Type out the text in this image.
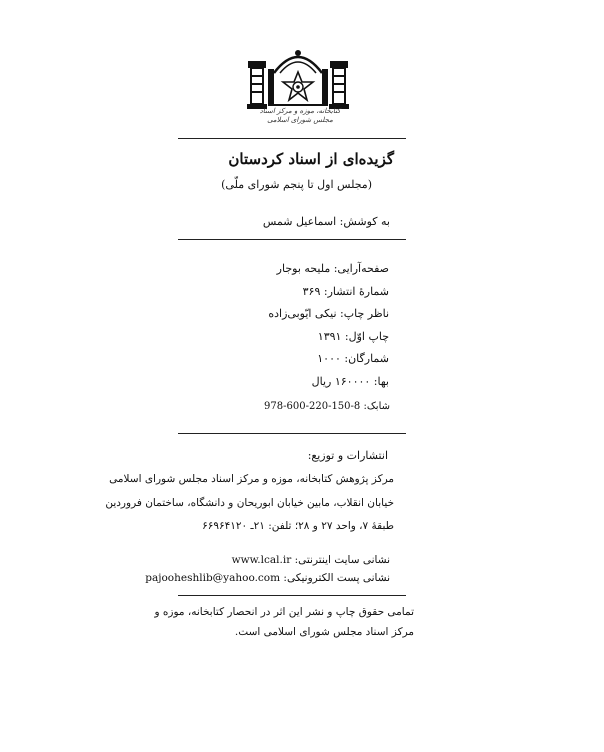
کتابخانه، موزه و مرکز اسناد
مجلس شورای اسلامی
گزیده‌ای از اسناد کردستان
(مجلس اول تا پنجم شورای ملّی)
به کوشش: اسماعیل شمس
صفحه‌آرایی: ملیحه بوجار
شمارهٔ انتشار: ۳۶۹
ناظر چاپ: نیکی ایّوبی‌زاده
چاپ اوّل: ۱۳۹۱
شمارگان: ۱۰۰۰
بها: ۱۶۰۰۰۰ ریال
978-600-220-150-8 شابک:
انتشارات و توزیع:
مرکز پژوهش کتابخانه، موزه و مرکز اسناد مجلس شورای اسلامی
خیابان انقلاب، مابین خیابان ابوریحان و دانشگاه، ساختمان فروردین
طبقهٔ ۷، واحد ۲۷ و ۲۸؛ تلفن: ۲۱ـ ۶۶۹۶۴۱۲۰
www.lcal.ir نشانی سایت اینترنتی:
pajooheshlib@yahoo.com نشانی پست الکترونیکی:
تمامی حقوق چاپ و نشر این اثر در انحصار کتابخانه، موزه و
مرکز اسناد مجلس شورای اسلامی است.
